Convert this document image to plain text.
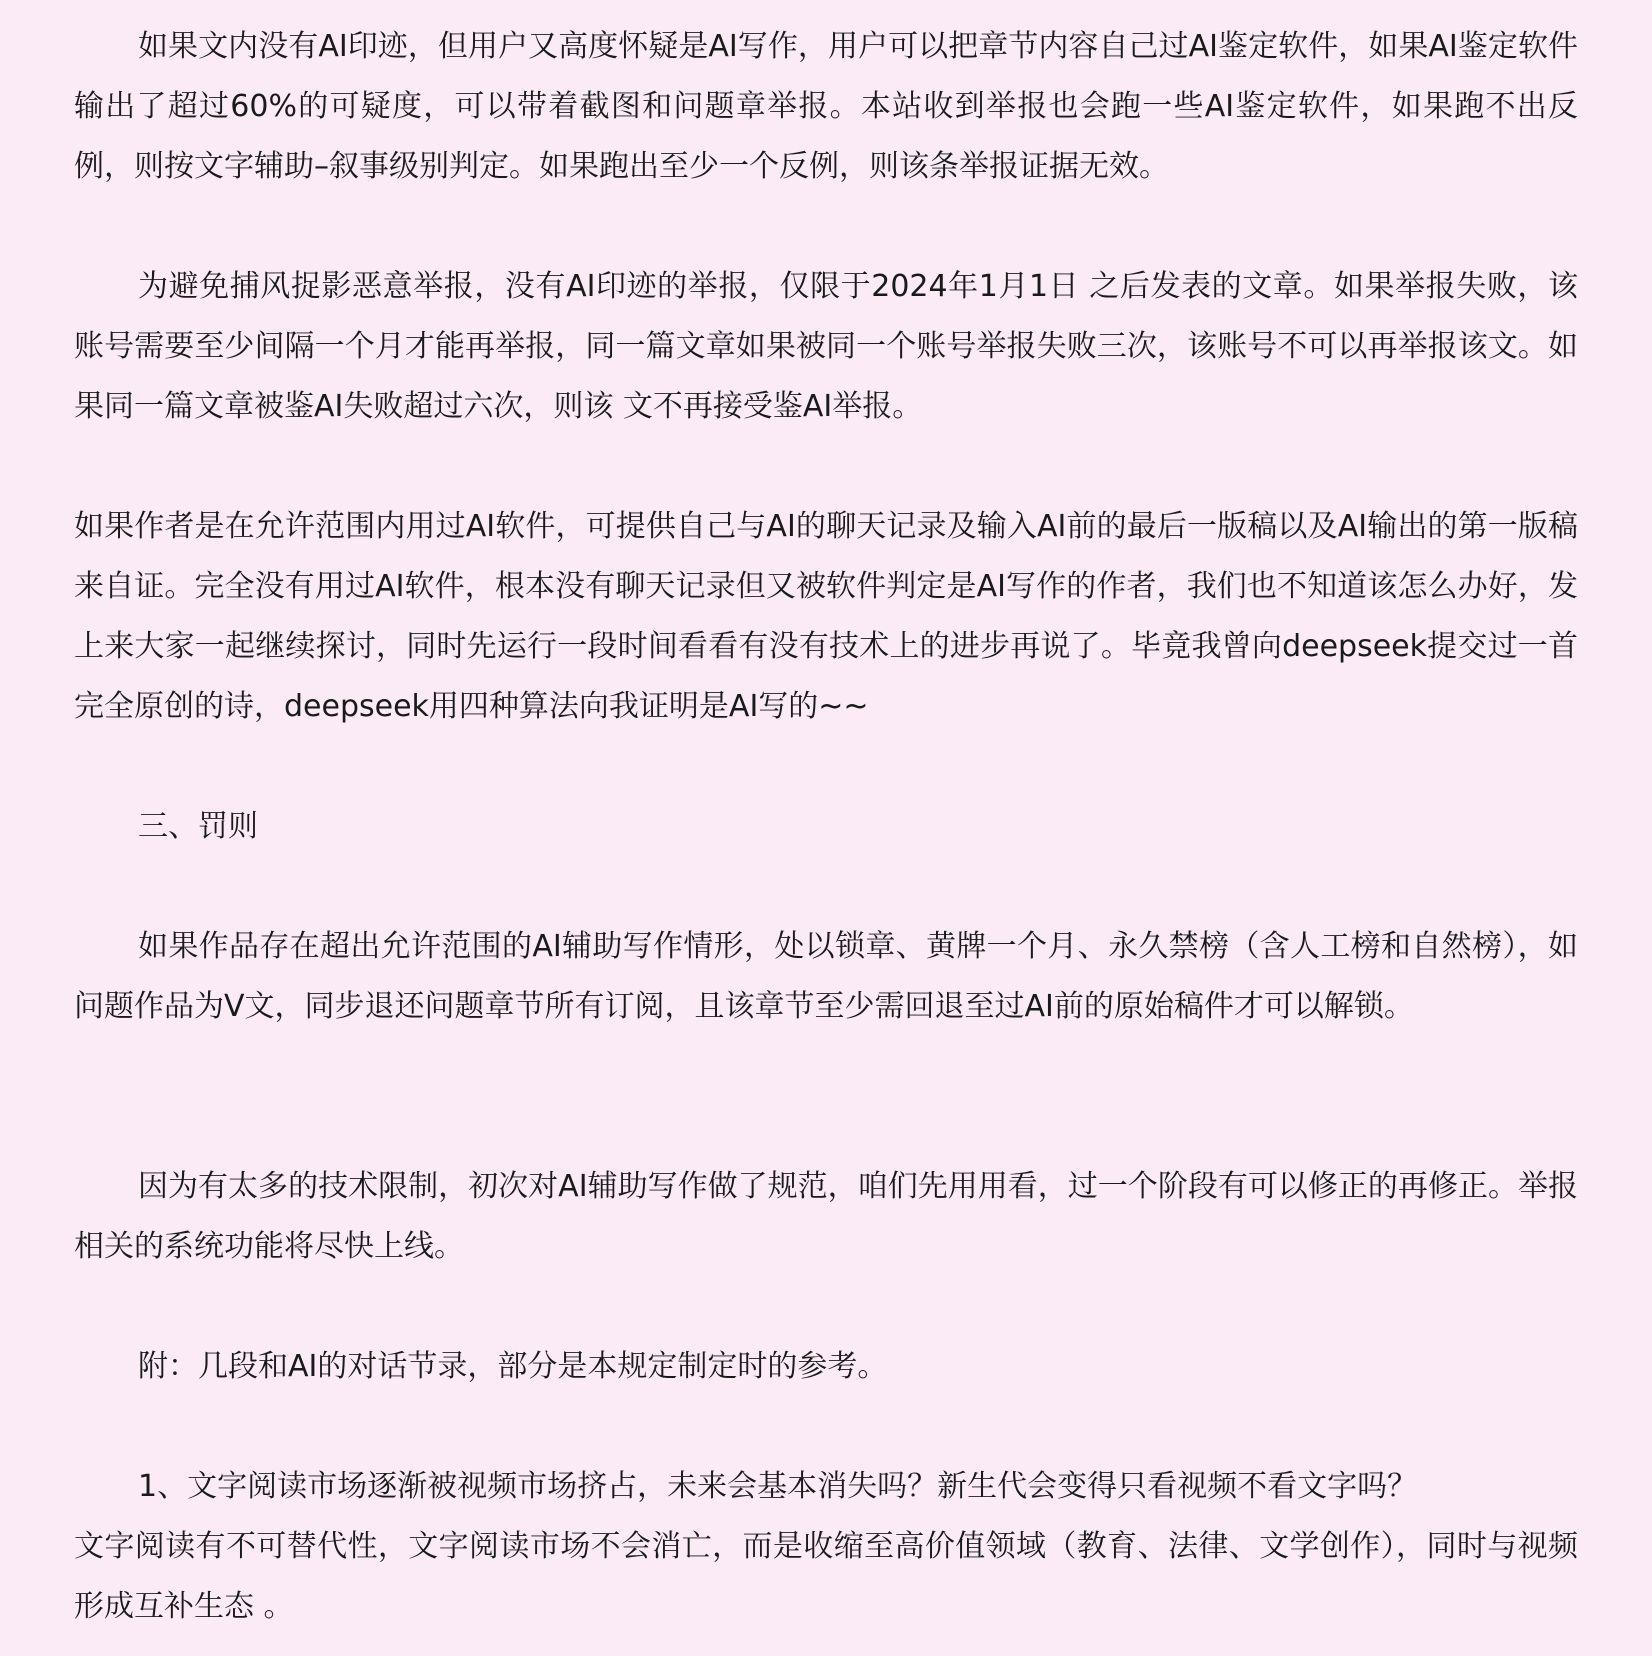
如果文内没有AI印迹，但用户又高度怀疑是AI写作，用户可以把章节内容自己过AI鉴定软件，如果AI鉴定软件输出了超过60%的可疑度，可以带着截图和问题章举报。本站收到举报也会跑一些AI鉴定软件，如果跑不出反例，则按文字辅助–叙事级别判定。如果跑出至少一个反例，则该条举报证据无效。

为避免捕风捉影恶意举报，没有AI印迹的举报，仅限于2024年1月1日 之后发表的文章。如果举报失败，该账号需要至少间隔一个月才能再举报，同一篇文章如果被同一个账号举报失败三次，该账号不可以再举报该文。如果同一篇文章被鉴AI失败超过六次，则该 文不再接受鉴AI举报。

如果作者是在允许范围内用过AI软件，可提供自己与AI的聊天记录及输入AI前的最后一版稿以及AI输出的第一版稿来自证。完全没有用过AI软件，根本没有聊天记录但又被软件判定是AI写作的作者，我们也不知道该怎么办好，发上来大家一起继续探讨，同时先运行一段时间看看有没有技术上的进步再说了。毕竟我曾向deepseek提交过一首完全原创的诗，deepseek用四种算法向我证明是AI写的~~

三、罚则

如果作品存在超出允许范围的AI辅助写作情形，处以锁章、黄牌一个月、永久禁榜（含人工榜和自然榜），如问题作品为V文，同步退还问题章节所有订阅，且该章节至少需回退至过AI前的原始稿件才可以解锁。

因为有太多的技术限制，初次对AI辅助写作做了规范，咱们先用用看，过一个阶段有可以修正的再修正。举报相关的系统功能将尽快上线。

附：几段和AI的对话节录，部分是本规定制定时的参考。

1、文字阅读市场逐渐被视频市场挤占，未来会基本消失吗？新生代会变得只看视频不看文字吗？
文字阅读有不可替代性，文字阅读市场不会消亡，而是收缩至高价值领域（教育、法律、文学创作），同时与视频形成互补生态 。
